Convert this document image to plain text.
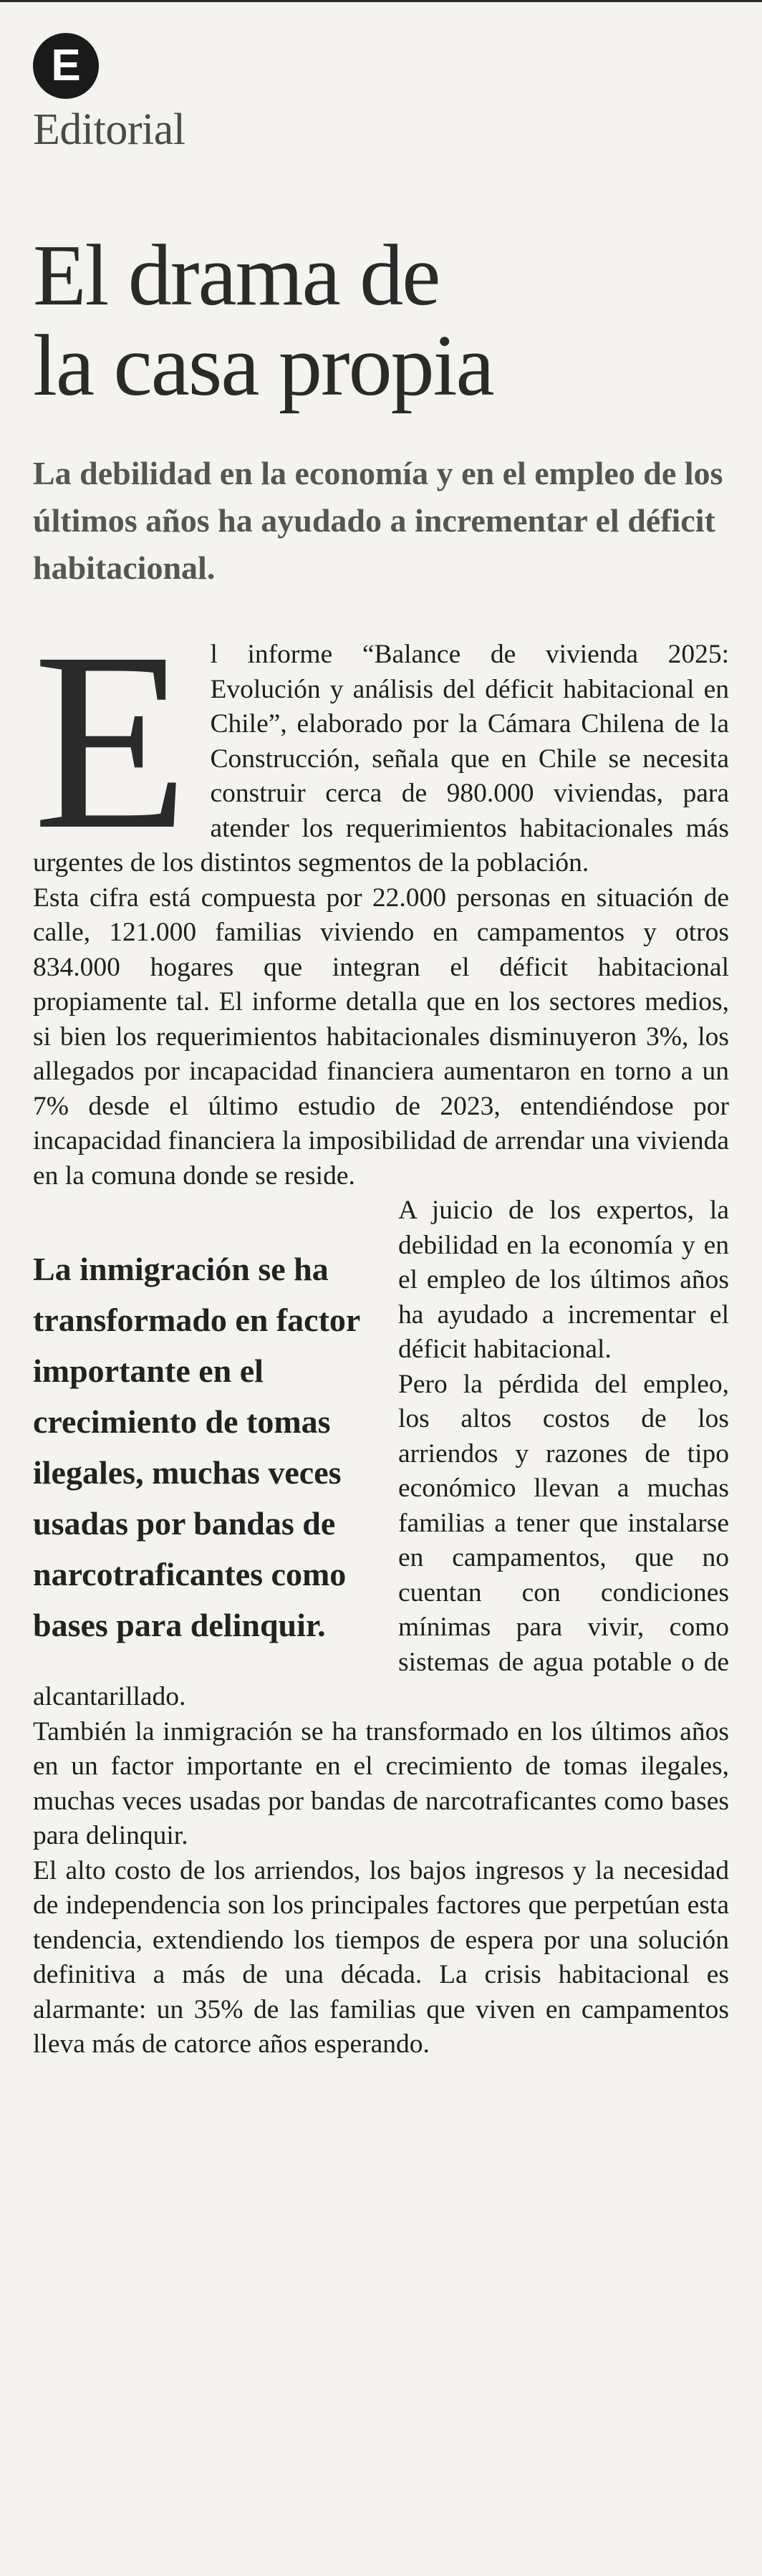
E
Editorial
El drama de
la casa propia

La debilidad en la economía y en el empleo de los últimos años ha ayudado a incrementar el déficit habitacional.

E l informe “Balance de vivienda 2025: Evolución y análisis del déficit habitacional en Chile”, elaborado por la Cámara Chilena de la Construcción, señala que en Chile se necesita construir cerca de 980.000 viviendas, para atender los requerimientos habitacionales más urgentes de los distintos segmentos de la población.

Esta cifra está compuesta por 22.000 personas en situación de calle, 121.000 familias viviendo en campamentos y otros 834.000 hogares que integran el déficit habitacional propiamente tal. El informe detalla que en los sectores medios, si bien los requerimientos habitacionales disminuyeron 3%, los allegados por incapacidad financiera aumentaron en torno a un 7% desde el último estudio de 2023, entendiéndose por incapacidad financiera la imposibilidad de arrendar una vivienda en la comuna donde se reside.

La inmigración se ha transformado en factor importante en el crecimiento de tomas ilegales, muchas veces usadas por bandas de narcotraficantes como bases para delinquir.

A juicio de los expertos, la debilidad en la economía y en el empleo de los últimos años ha ayudado a incrementar el déficit habitacional.

Pero la pérdida del empleo, los altos costos de los arriendos y razones de tipo económico llevan a muchas familias a tener que instalarse en campamentos, que no cuentan con condiciones mínimas para vivir, como sistemas de agua potable o de alcantarillado.

También la inmigración se ha transformado en los últimos años en un factor importante en el crecimiento de tomas ilegales, muchas veces usadas por bandas de narcotraficantes como bases para delinquir.

El alto costo de los arriendos, los bajos ingresos y la necesidad de independencia son los principales factores que perpetúan esta tendencia, extendiendo los tiempos de espera por una solución definitiva a más de una década. La crisis habitacional es alarmante: un 35% de las familias que viven en campamentos lleva más de catorce años esperando.
